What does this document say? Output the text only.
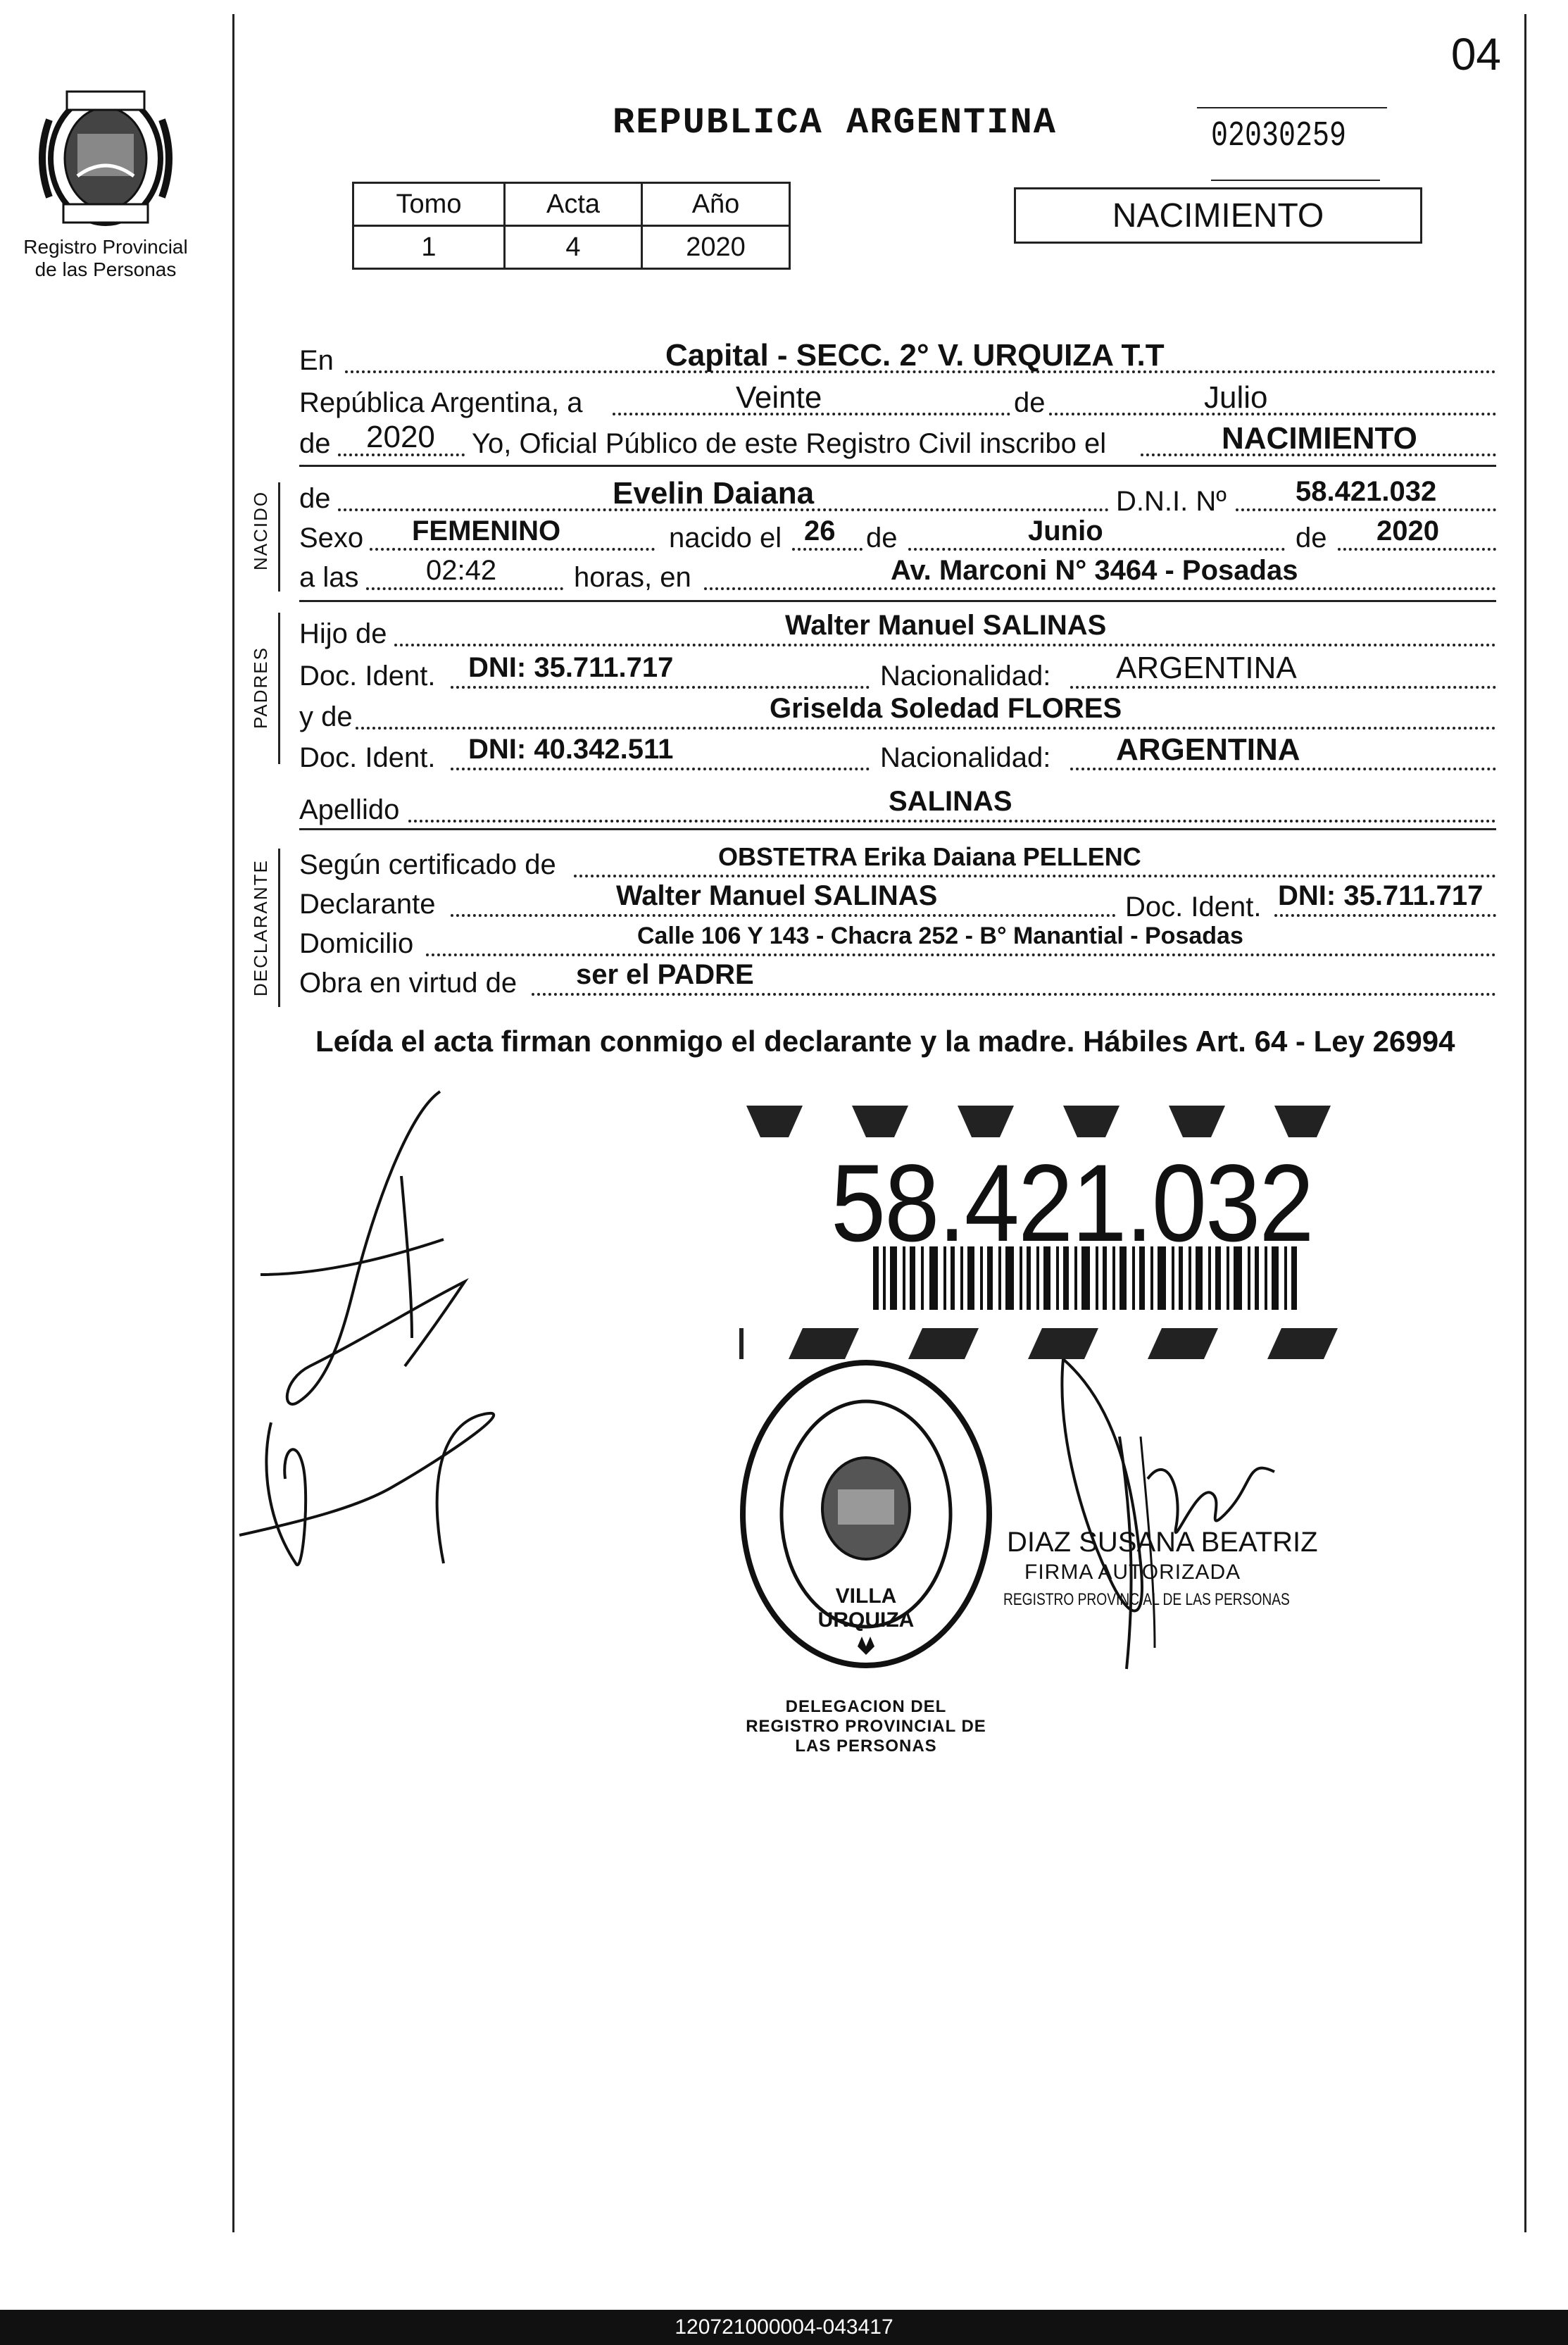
Registro Provincial
de las Personas
04
REPUBLICA ARGENTINA	02030259
Tomo	Acta	Año
1	4	2020
NACIMIENTO
En	Capital - SECC. 2° V. URQUIZA T.T
República Argentina, a	Veinte	de	Julio
de 2020 Yo, Oficial Público de este Registro Civil inscribo el	NACIMIENTO
NACIDO de	Evelin Daiana	D.N.I. Nº 58.421.032
Sexo FEMENINO	nacido el 26 de	Junio	de 2020
a las 02:42	horas, en	Av. Marconi N° 3464 - Posadas
PADRES
Hijo de	Walter Manuel SALINAS
Doc. Ident. DNI: 35.711.717	Nacionalidad: ARGENTINA
y de	Griselda Soledad FLORES
Doc. Ident. DNI: 40.342.511	Nacionalidad: ARGENTINA
Apellido	SALINAS
DECLARANTE Según certificado de	OBSTETRA Erika Daiana PELLENC
Declarante	Walter Manuel SALINAS	Doc. Ident. DNI: 35.711.717
Domicilio	Calle 106 Y 143 - Chacra 252 - B° Manantial - Posadas
Obra en virtud de ser el PADRE
Leída el acta firman conmigo el declarante y la madre. Hábiles Art. 64 - Ley 26994
58.421.032
DELEGACION DEL REGISTRO PROVINCIAL DE LAS PERSONAS
VILLA URQUIZA
DIAZ SUSANA BEATRIZ
FIRMA AUTORIZADA
REGISTRO PROVINCIAL DE LAS PERSONAS
120721000004-043417
